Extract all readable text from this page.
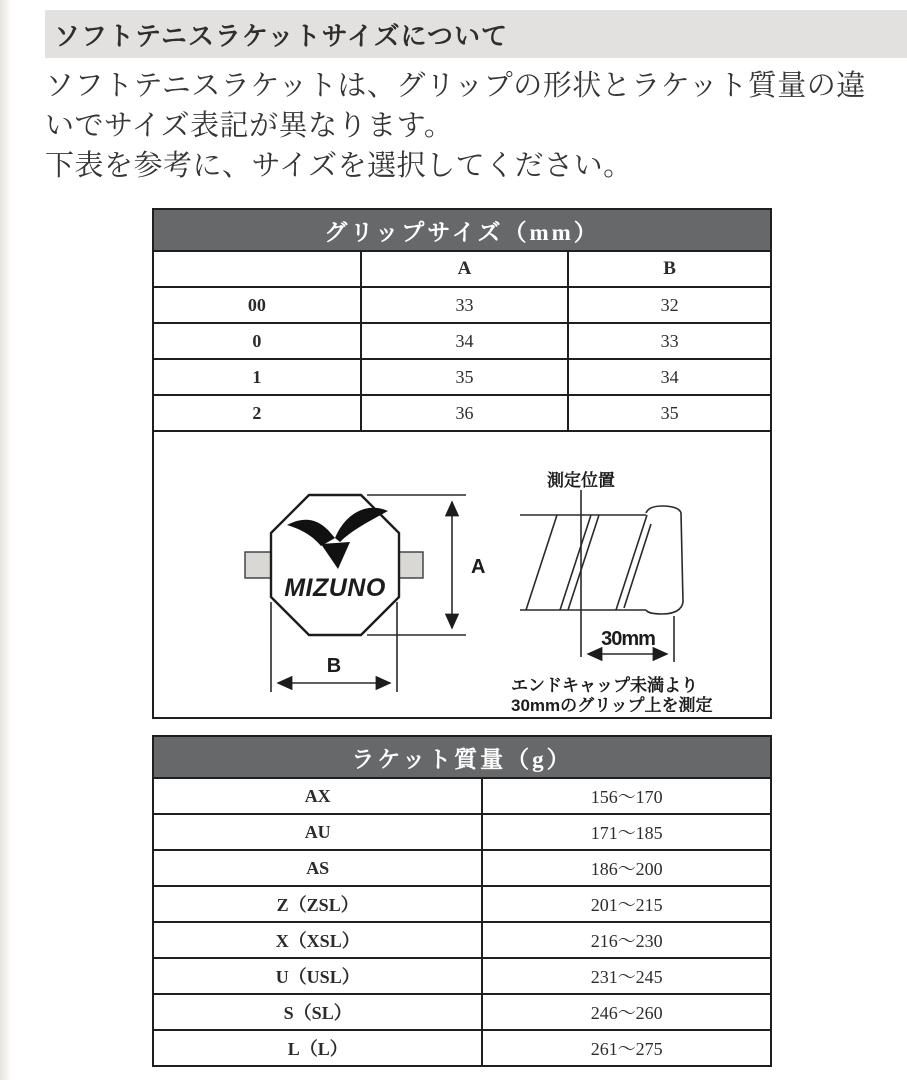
ソフトテニスラケットサイズについて
ソフトテニスラケットは、グリップの形状とラケット質量の違
いでサイズ表記が異なります。
下表を参考に、サイズを選択してください。
グリップサイズ（mm）		
	A	B
00	33	32
0	34	33
1	35	34
2	36	35

MIZUNO
A
B
測定位置
30mm
エンドキャップ未満より
30mmのグリップ上を測定
ラケット質量（g）	
AX	156〜170
AU	171〜185
AS	186〜200
Z（ZSL）	201〜215
X（XSL）	216〜230
U（USL）	231〜245
S（SL）	246〜260
L（L）	261〜275
